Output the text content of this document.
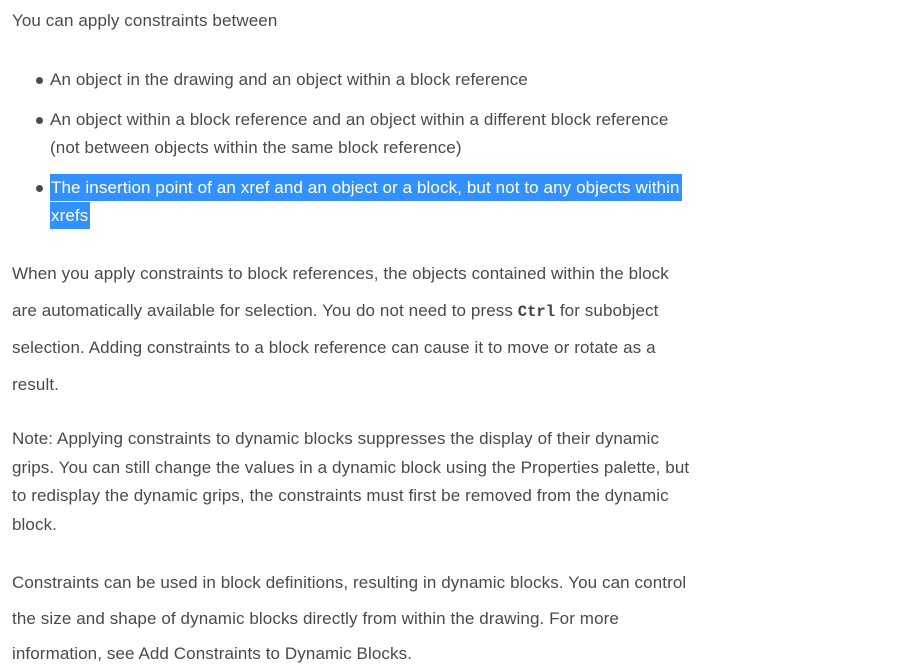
You can apply constraints between

An object in the drawing and an object within a block reference
An object within a block reference and an object within a different block reference
(not between objects within the same block reference)
The insertion point of an xref and an object or a block, but not to any objects within
xrefs
When you apply constraints to block references, the objects contained within the block
are automatically available for selection. You do not need to press Ctrl for subobject
selection. Adding constraints to a block reference can cause it to move or rotate as a
result.
Note: Applying constraints to dynamic blocks suppresses the display of their dynamic
grips. You can still change the values in a dynamic block using the Properties palette, but
to redisplay the dynamic grips, the constraints must first be removed from the dynamic
block.
Constraints can be used in block definitions, resulting in dynamic blocks. You can control
the size and shape of dynamic blocks directly from within the drawing. For more
information, see Add Constraints to Dynamic Blocks.
